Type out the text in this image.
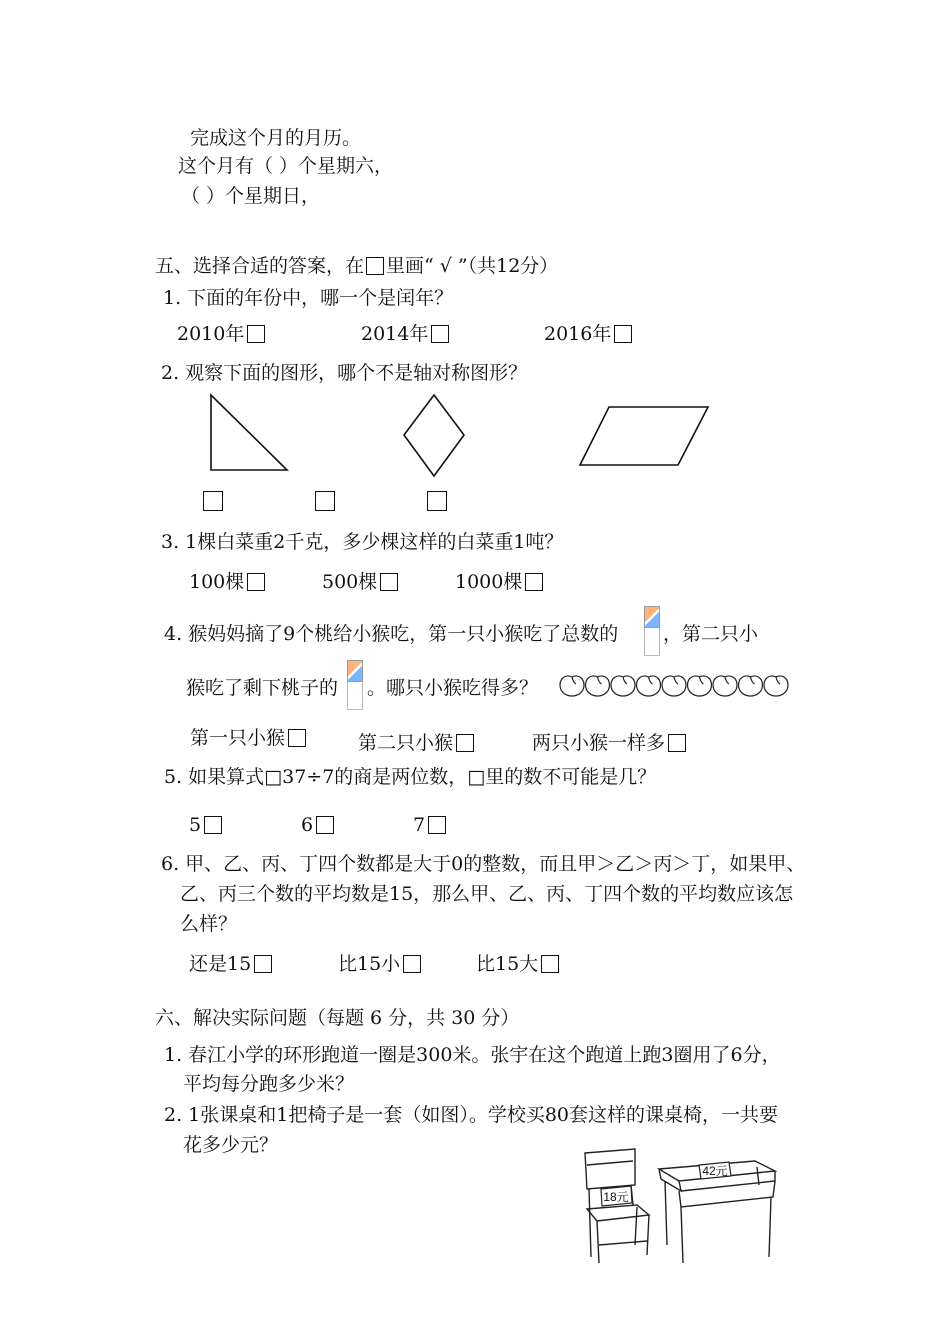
完成这个月的月历。
这个月有（ ）个星期六，
（ ）个星期日，
五、选择合适的答案，在 里画“ √ ”（共12分）
1. 下面的年份中，哪一个是闰年？
2010年	2014年	2016年
2. 观察下面的图形，哪个不是轴对称图形？
3. 1棵白菜重2千克，多少棵这样的白菜重1吨？
100棵	500棵	1000棵
4. 猴妈妈摘了9个桃给小猴吃，第一只小猴吃了总数的 ，第二只小
猴吃了剩下桃子的 。哪只小猴吃得多？
第一只小猴	第二只小猴	两只小猴一样多
5. 如果算式□37÷7的商是两位数，□里的数不可能是几？
5	6	7
6. 甲、乙、丙、丁四个数都是大于0的整数，而且甲＞乙＞丙＞丁，如果甲、
乙、丙三个数的平均数是15，那么甲、乙、丙、丁四个数的平均数应该怎
么样？
还是15	比15小	比15大
六、解决实际问题（每题 6 分，共 30 分）
1. 春江小学的环形跑道一圈是300米。张宇在这个跑道上跑3圈用了6分，
平均每分跑多少米？
2. 1张课桌和1把椅子是一套（如图）。学校买80套这样的课桌椅，一共要
花多少元？
18元
42元
